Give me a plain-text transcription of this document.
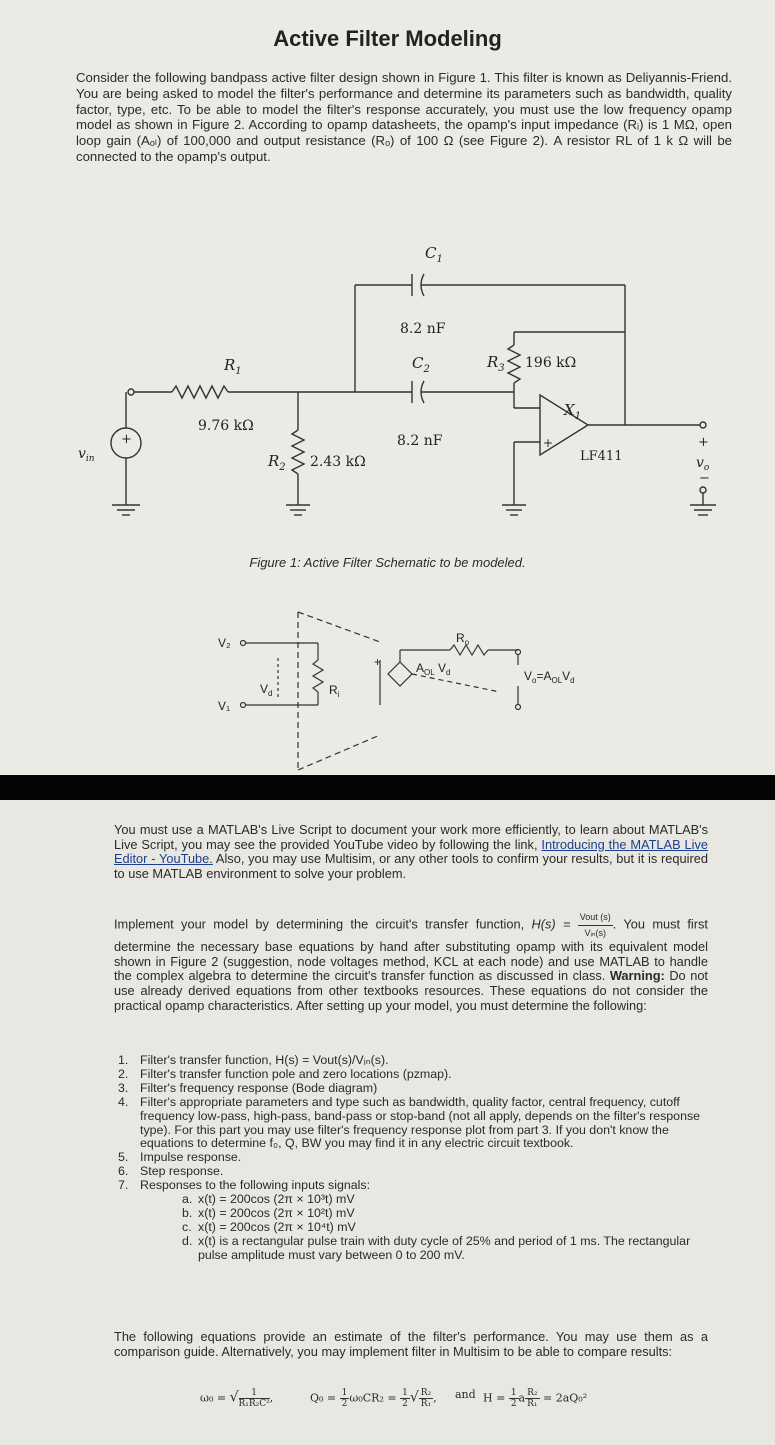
Active Filter Modeling

Consider the following bandpass active filter design shown in Figure 1. This filter is known as Deliyannis-Friend. You are being asked to model the filter's performance and determine its parameters such as bandwidth, quality factor, type, etc. To be able to model the filter's response accurately, you must use the low frequency opamp model as shown in Figure 2. According to opamp datasheets, the opamp's input impedance (Rᵢ) is 1 MΩ, open loop gain (Aₒₗ) of 100,000 and output resistance (Rₒ) of 100 Ω (see Figure 2). A resistor RL of 1 k Ω will be connected to the opamp's output.

$C_1$
8.2 nF
$C_2$
8.2 nF
$R_1$
9.76 kΩ
$R_2$ 2.43 kΩ
$R_3$ 196 kΩ
$X_1$
LF411
+
+
$v_{in}$
+
$v_o$
−
V₂
V₁
$V_d$	$R_i$
$R_o$
$A_{OL}$ $V_d$	$V_o=A_{OL}V_d$
+
Figure 1: Active Filter Schematic to be modeled.

You must use a MATLAB's Live Script to document your work more efficiently, to learn about MATLAB's Live Script, you may see the provided YouTube video by following the link, Introducing the MATLAB Live Editor - YouTube. Also, you may use Multisim, or any other tools to confirm your results, but it is required to use MATLAB environment to solve your problem.

Implement your model by determining the circuit's transfer function, $H(s) = \frac{\text{Vout (s)}}{\text{Vᵢₙ(s)}}$ . You must first determine the necessary base equations by hand after substituting opamp with its equivalent model shown in Figure 2 (suggestion, node voltages method, KCL at each node) and use MATLAB to handle the complex algebra to determine the circuit's transfer function as discussed in class. Warning: Do not use already derived equations from other textbooks resources. These equations do not consider the practical opamp characteristics. After setting up your model, you must determine the following:

1. Filter's transfer function, H(s) = Vout(s)/Vᵢₙ(s).
2. Filter's transfer function pole and zero locations (pzmap).
3. Filter's frequency response (Bode diagram)
4. Filter's appropriate parameters and type such as bandwidth, quality factor, central frequency, cutoff frequency low-pass, high-pass, band-pass or stop-band (not all apply, depends on the filter's response type). For this part you may use filter's frequency response plot from part 3. If you don't know the equations to determine f₀, Q, BW you may find it in any electric circuit textbook.
5. Impulse response.
6. Step response.
7. Responses to the following inputs signals:
a. x(t) = 200cos (2π × 10³t) mV
b. x(t) = 200cos (2π × 10²t) mV
c. x(t) = 200cos (2π × 10⁴t) mV
d. x(t) is a rectangular pulse train with duty cycle of 25% and period of 1 ms. The rectangular pulse amplitude must vary between 0 to 200 mV.

The following equations provide an estimate of the filter's performance. You may use them as a comparison guide. Alternatively, you may implement filter in Multisim to be able to compare results:

ω₀ = √ $\frac{1}{\text{R₁R₂C²}}$ ,	$Q_0 = \frac{1}{2} \omega_0CR_2 = \frac{1}{2}$ √ $\frac{\text{R₂}}{\text{R₁}}$ , and $H = \frac{1}{2}$ a $\frac{\text{R₂}}{\text{R₁}} = 2aQ_0^2$
